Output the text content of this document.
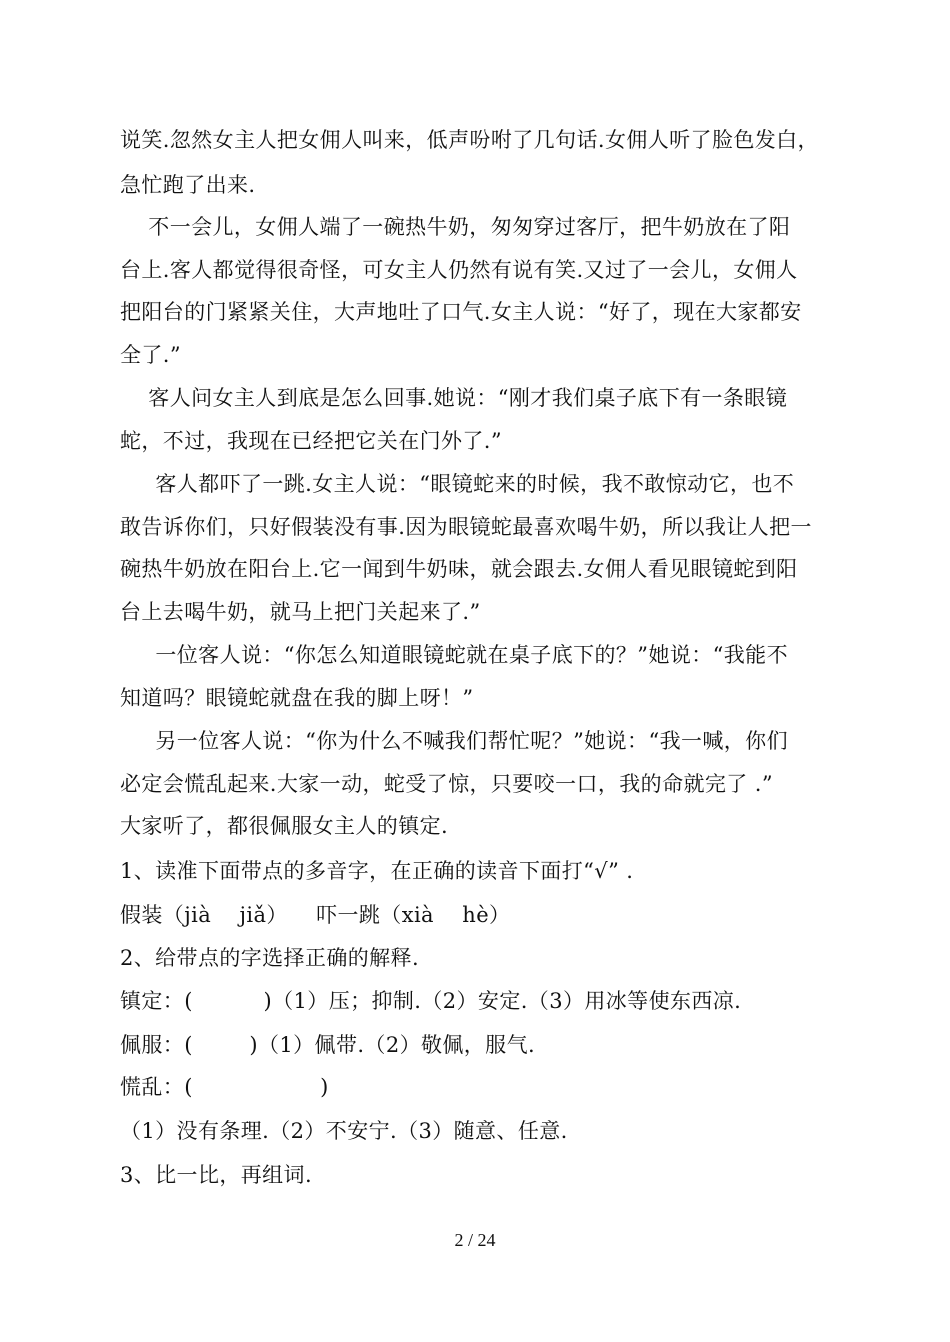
说笑.忽然女主人把女佣人叫来，低声吩咐了几句话.女佣人听了脸色发白，
急忙跑了出来.
不一会儿，女佣人端了一碗热牛奶，匆匆穿过客厅，把牛奶放在了阳
台上.客人都觉得很奇怪，可女主人仍然有说有笑.又过了一会儿，女佣人
把阳台的门紧紧关住，大声地吐了口气.女主人说：“好了，现在大家都安
全了.”
客人问女主人到底是怎么回事.她说：“刚才我们桌子底下有一条眼镜
蛇，不过，我现在已经把它关在门外了.”
客人都吓了一跳.女主人说：“眼镜蛇来的时候，我不敢惊动它，也不
敢告诉你们，只好假装没有事.因为眼镜蛇最喜欢喝牛奶，所以我让人把一
碗热牛奶放在阳台上.它一闻到牛奶味，就会跟去.女佣人看见眼镜蛇到阳
台上去喝牛奶，就马上把门关起来了.”
一位客人说：“你怎么知道眼镜蛇就在桌子底下的？”她说：“我能不
知道吗？眼镜蛇就盘在我的脚上呀！”
另一位客人说：“你为什么不喊我们帮忙呢？”她说：“我一喊，你们
必定会慌乱起来.大家一动，蛇受了惊，只要咬一口，我的命就完了 .”
大家听了，都很佩服女主人的镇定.
1、读准下面带点的多音字，在正确的读音下面打“√” .
假装（jià    jiǎ）    吓一跳（xià    hè）
2、给带点的字选择正确的解释.
镇定：(          )（1）压；抑制.（2）安定.（3）用冰等使东西凉.
佩服：(        )（1）佩带.（2）敬佩，服气.
慌乱：(                  )
（1）没有条理.（2）不安宁.（3）随意、任意.
3、比一比，再组词.
2 / 24
